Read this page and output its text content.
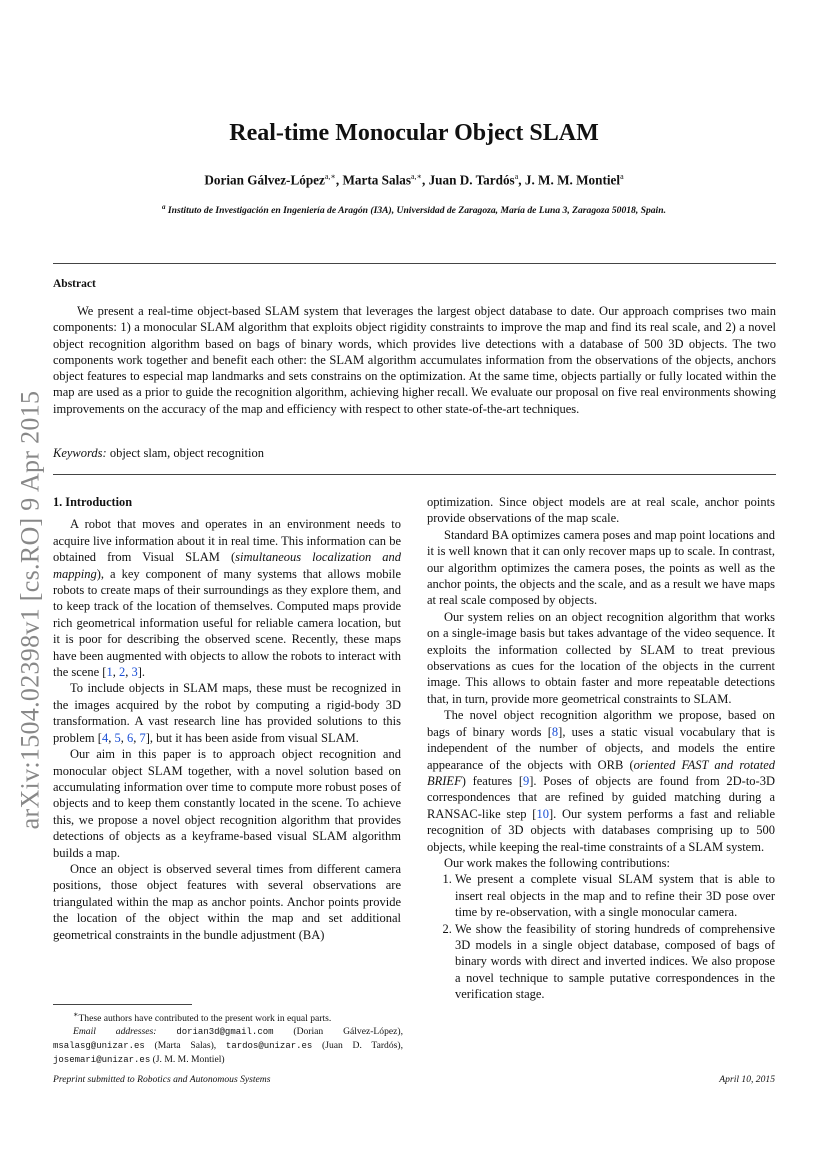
arXiv:1504.02398v1 [cs.RO] 9 Apr 2015
Real-time Monocular Object SLAM
Dorian Gálvez-López$^{a,∗}$, Marta Salas$^{a,∗}$, Juan D. Tardós$^a$, J. M. M. Montiel$^a$
$^a$ Instituto de Investigación en Ingeniería de Aragón (I3A), Universidad de Zaragoza, María de Luna 3, Zaragoza 50018, Spain.
Abstract

We present a real-time object-based SLAM system that leverages the largest object database to date. Our approach comprises two main components: 1) a monocular SLAM algorithm that exploits object rigidity constraints to improve the map and find its real scale, and 2) a novel object recognition algorithm based on bags of binary words, which provides live detections with a database of 500 3D objects. The two components work together and benefit each other: the SLAM algorithm accumulates information from the observations of the objects, anchors object features to especial map landmarks and sets constrains on the optimization. At the same time, objects partially or fully located within the map are used as a prior to guide the recognition algorithm, achieving higher recall. We evaluate our proposal on five real environments showing improvements on the accuracy of the map and efficiency with respect to other state-of-the-art techniques.

Keywords: object slam, object recognition
1. Introduction

A robot that moves and operates in an environment needs to acquire live information about it in real time. This information can be obtained from Visual SLAM (simultaneous localization and mapping), a key component of many systems that allows mobile robots to create maps of their surroundings as they explore them, and to keep track of the location of themselves. Computed maps provide rich geometrical information useful for reliable camera location, but it is poor for describing the observed scene. Recently, these maps have been augmented with objects to allow the robots to interact with the scene [1, 2, 3].

To include objects in SLAM maps, these must be recognized in the images acquired by the robot by computing a rigid-body 3D transformation. A vast research line has provided solutions to this problem [4, 5, 6, 7], but it has been aside from visual SLAM.

Our aim in this paper is to approach object recognition and monocular object SLAM together, with a novel solution based on accumulating information over time to compute more robust poses of objects and to keep them constantly located in the scene. To achieve this, we propose a novel object recognition algorithm that provides detections of objects as a keyframe-based visual SLAM algorithm builds a map.

Once an object is observed several times from different camera positions, those object features with several observations are triangulated within the map as anchor points. Anchor points provide the location of the object within the map and set additional geometrical constraints in the bundle adjustment (BA)

optimization. Since object models are at real scale, anchor points provide observations of the map scale.

Standard BA optimizes camera poses and map point locations and it is well known that it can only recover maps up to scale. In contrast, our algorithm optimizes the camera poses, the points as well as the anchor points, the objects and the scale, and as a result we have maps at real scale composed by objects.

Our system relies on an object recognition algorithm that works on a single-image basis but takes advantage of the video sequence. It exploits the information collected by SLAM to treat previous observations as cues for the location of the objects in the current image. This allows to obtain faster and more repeatable detections that, in turn, provide more geometrical constraints to SLAM.

The novel object recognition algorithm we propose, based on bags of binary words [8], uses a static visual vocabulary that is independent of the number of objects, and models the entire appearance of the objects with ORB (oriented FAST and rotated BRIEF) features [9]. Poses of objects are found from 2D-to-3D correspondences that are refined by guided matching during a RANSAC-like step [10]. Our system performs a fast and reliable recognition of 3D objects with databases comprising up to 500 objects, while keeping the real-time constraints of a SLAM system.

Our work makes the following contributions:

1. We present a complete visual SLAM system that is able to insert real objects in the map and to refine their 3D pose over time by re-observation, with a single monocular camera.
2. We show the feasibility of storing hundreds of comprehensive 3D models in a single object database, composed of bags of binary words with direct and inverted indices. We also propose a novel technique to sample putative correspondences in the verification stage.

∗These authors have contributed to the present work in equal parts.

Email addresses: dorian3d@gmail.com (Dorian Gálvez-López), msalasg@unizar.es (Marta Salas), tardos@unizar.es (Juan D. Tardós), josemari@unizar.es (J. M. M. Montiel)

Preprint submitted to Robotics and Autonomous Systems	April 10, 2015
